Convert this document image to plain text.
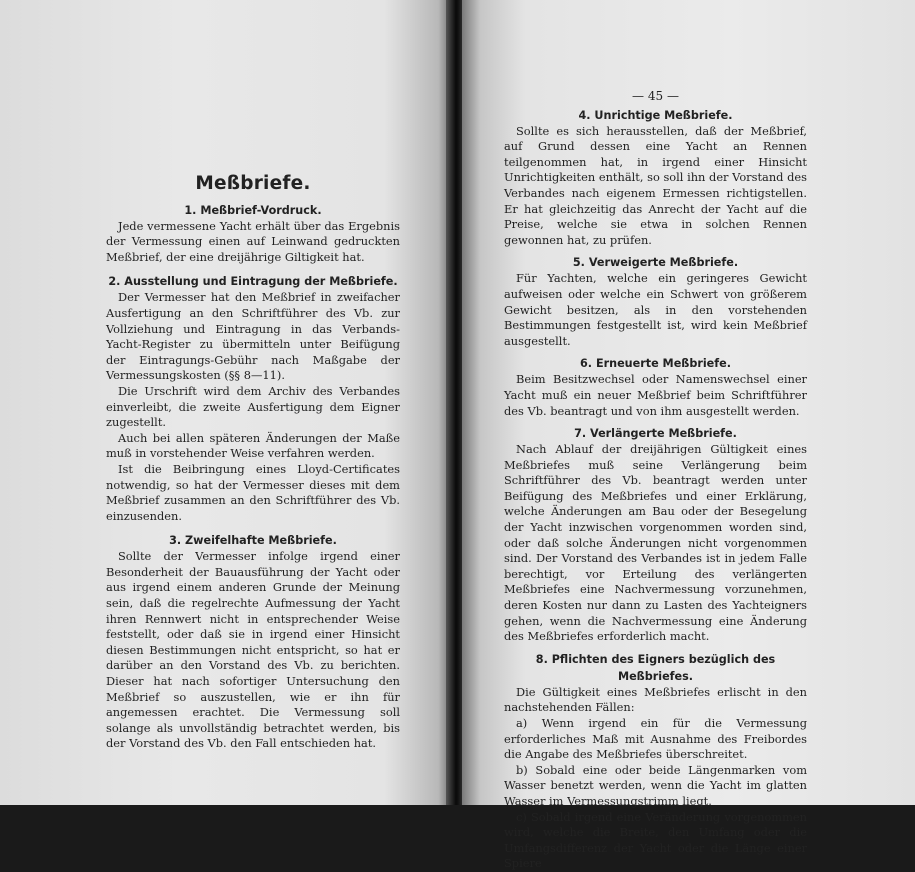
Meßbriefe.
1. Meßbrief-Vordruck.

Jede vermessene Yacht erhält über das Ergebnis der Vermessung einen auf Leinwand gedruckten Meßbrief, der eine dreijährige Giltigkeit hat.

2. Ausstellung und Eintragung der Meßbriefe.

Der Vermesser hat den Meßbrief in zweifacher Ausfertigung an den Schriftführer des Vb. zur Vollziehung und Eintragung in das Verbands-Yacht-Register zu übermitteln unter Beifügung der Eintragungs-Gebühr nach Maßgabe der Vermessungskosten (§§ 8—11).

Die Urschrift wird dem Archiv des Verbandes einverleibt, die zweite Ausfertigung dem Eigner zugestellt.

Auch bei allen späteren Änderungen der Maße muß in vorstehender Weise verfahren werden.

Ist die Beibringung eines Lloyd-Certificates notwendig, so hat der Vermesser dieses mit dem Meßbrief zusammen an den Schriftführer des Vb. einzusenden.

3. Zweifelhafte Meßbriefe.

Sollte der Vermesser infolge irgend einer Besonderheit der Bauausführung der Yacht oder aus irgend einem anderen Grunde der Meinung sein, daß die regelrechte Aufmessung der Yacht ihren Rennwert nicht in entsprechender Weise feststellt, oder daß sie in irgend einer Hinsicht diesen Bestimmungen nicht entspricht, so hat er darüber an den Vorstand des Vb. zu berichten. Dieser hat nach sofortiger Untersuchung den Meßbrief so auszustellen, wie er ihn für angemessen erachtet. Die Vermessung soll solange als unvollständig betrachtet werden, bis der Vorstand des Vb. den Fall entschieden hat.

— 45 —
4. Unrichtige Meßbriefe.

Sollte es sich herausstellen, daß der Meßbrief, auf Grund dessen eine Yacht an Rennen teilgenommen hat, in irgend einer Hinsicht Unrichtigkeiten enthält, so soll ihn der Vorstand des Verbandes nach eigenem Ermessen richtigstellen. Er hat gleichzeitig das Anrecht der Yacht auf die Preise, welche sie etwa in solchen Rennen gewonnen hat, zu prüfen.

5. Verweigerte Meßbriefe.

Für Yachten, welche ein geringeres Gewicht aufweisen oder welche ein Schwert von größerem Gewicht besitzen, als in den vorstehenden Bestimmungen festgestellt ist, wird kein Meßbrief ausgestellt.

6. Erneuerte Meßbriefe.

Beim Besitzwechsel oder Namenswechsel einer Yacht muß ein neuer Meßbrief beim Schriftführer des Vb. beantragt und von ihm ausgestellt werden.

7. Verlängerte Meßbriefe.

Nach Ablauf der dreijährigen Gültigkeit eines Meßbriefes muß seine Verlängerung beim Schriftführer des Vb. beantragt werden unter Beifügung des Meßbriefes und einer Erklärung, welche Änderungen am Bau oder der Besegelung der Yacht inzwischen vorgenommen worden sind, oder daß solche Änderungen nicht vorgenommen sind. Der Vorstand des Verbandes ist in jedem Falle berechtigt, vor Erteilung des verlängerten Meßbriefes eine Nachvermessung vorzunehmen, deren Kosten nur dann zu Lasten des Yachteigners gehen, wenn die Nachvermessung eine Änderung des Meßbriefes erforderlich macht.

8. Pflichten des Eigners bezüglich des Meßbriefes.

Die Gültigkeit eines Meßbriefes erlischt in den nachstehenden Fällen:

a) Wenn irgend ein für die Vermessung erforderliches Maß mit Ausnahme des Freibordes die Angabe des Meßbriefes überschreitet.

b) Sobald eine oder beide Längenmarken vom Wasser benetzt werden, wenn die Yacht im glatten Wasser im Vermessungstrimm liegt.

c) Sobald irgend eine Veränderung vorgenommen wird, welche die Breite, den Umfang oder die Umfangsdifferenz der Yacht oder die Länge einer Spiere
